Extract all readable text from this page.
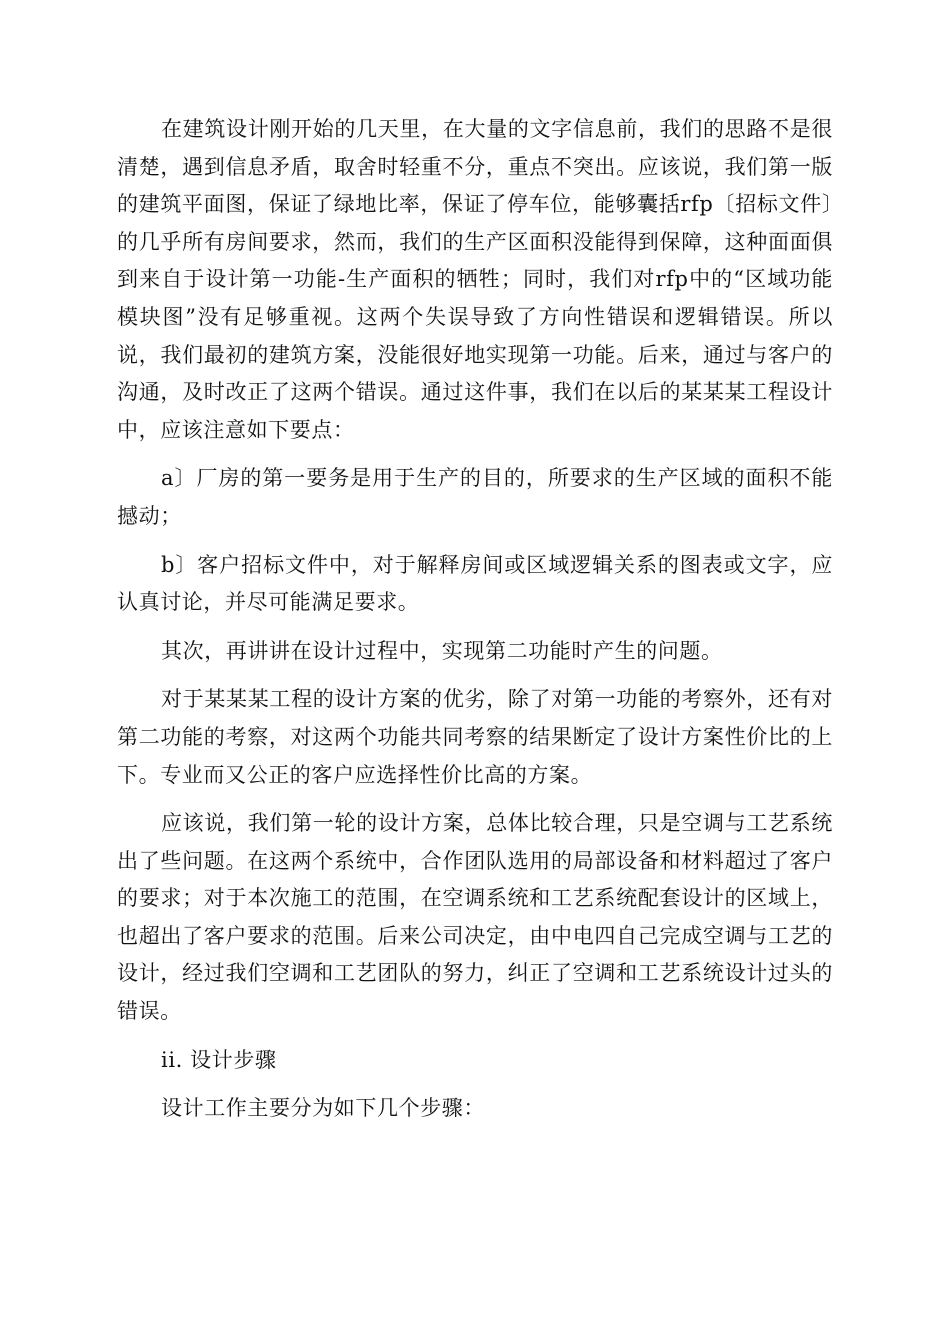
在建筑设计刚开始的几天里，在大量的文字信息前，我们的思路不是很清楚，遇到信息矛盾，取舍时轻重不分，重点不突出。应该说，我们第一版的建筑平面图，保证了绿地比率，保证了停车位，能够囊括rfp〔招标文件〕的几乎所有房间要求，然而，我们的生产区面积没能得到保障，这种面面俱到来自于设计第一功能-生产面积的牺牲；同时，我们对rfp中的“区域功能模块图”没有足够重视。这两个失误导致了方向性错误和逻辑错误。所以说，我们最初的建筑方案，没能很好地实现第一功能。后来，通过与客户的沟通，及时改正了这两个错误。通过这件事，我们在以后的某某某工程设计中，应该注意如下要点：

a〕厂房的第一要务是用于生产的目的，所要求的生产区域的面积不能撼动；

b〕客户招标文件中，对于解释房间或区域逻辑关系的图表或文字，应认真讨论，并尽可能满足要求。

其次，再讲讲在设计过程中，实现第二功能时产生的问题。

对于某某某工程的设计方案的优劣，除了对第一功能的考察外，还有对第二功能的考察，对这两个功能共同考察的结果断定了设计方案性价比的上下。专业而又公正的客户应选择性价比高的方案。

应该说，我们第一轮的设计方案，总体比较合理，只是空调与工艺系统出了些问题。在这两个系统中，合作团队选用的局部设备和材料超过了客户的要求；对于本次施工的范围，在空调系统和工艺系统配套设计的区域上，也超出了客户要求的范围。后来公司决定，由中电四自己完成空调与工艺的设计，经过我们空调和工艺团队的努力，纠正了空调和工艺系统设计过头的错误。

ii. 设计步骤

设计工作主要分为如下几个步骤：
